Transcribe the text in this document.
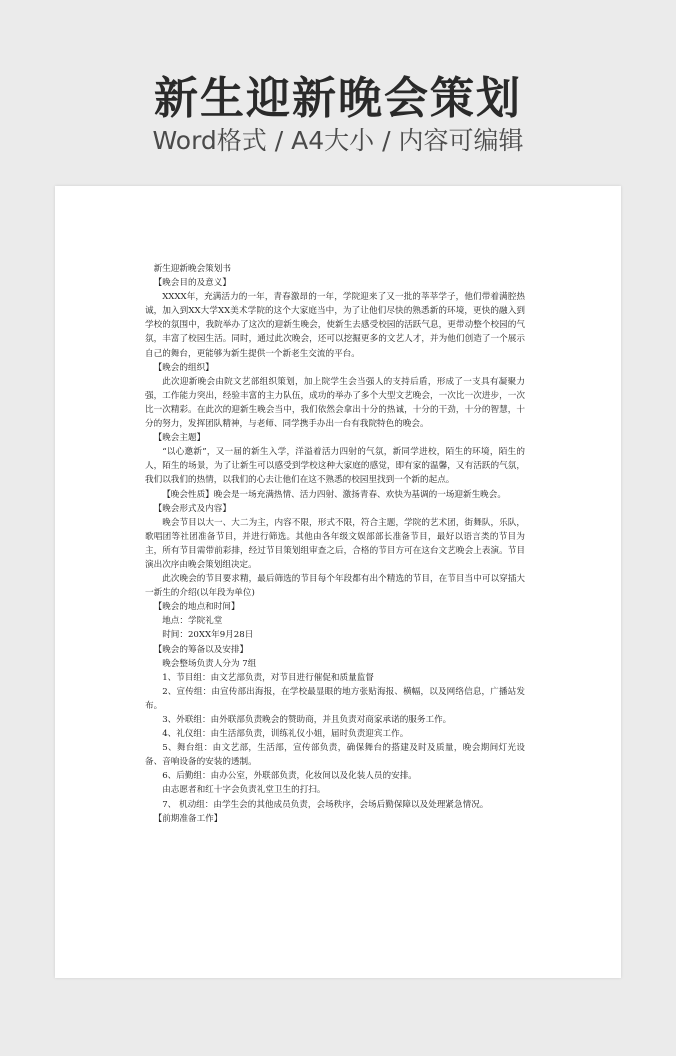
新生迎新晚会策划
Word格式 / A4大小 / 内容可编辑

新生迎新晚会策划书

【晚会目的及意义】

XXXX年，充满活力的一年，青春激昂的一年，学院迎来了又一批的莘莘学子，他们带着满腔热诚，加入到XX大学XX美术学院的这个大家庭当中，为了让他们尽快的熟悉新的环境，更快的融入到学校的氛围中，我院举办了这次的迎新生晚会，使新生去感受校园的活跃气息，更带动整个校园的气氛，丰富了校园生活。同时，通过此次晚会，还可以挖掘更多的文艺人才，并为他们创造了一个展示自己的舞台，更能够为新生提供一个新老生交流的平台。

【晚会的组织】

此次迎新晚会由院文艺部组织策划，加上院学生会当强人的支持后盾，形成了一支具有凝聚力强，工作能力突出，经验丰富的主力队伍，成功的举办了多个大型文艺晚会，一次比一次进步，一次比一次精彩。在此次的迎新生晚会当中，我们依然会拿出十分的热诚，十分的干劲，十分的智慧，十分的努力，发挥团队精神，与老师、同学携手办出一台有我院特色的晚会。

【晚会主题】

“以心邀新”，又一届的新生入学，洋溢着活力四射的气氛，新同学进校，陌生的环境，陌生的人，陌生的场景，为了让新生可以感受到学校这种大家庭的感觉，即有家的温馨，又有活跃的气氛，我们以我们的热情，以我们的心去让他们在这不熟悉的校园里找到一个新的起点。

【晚会性质】晚会是一场充满热情、活力四射、激扬青春、欢快为基调的一场迎新生晚会。

【晚会形式及内容】

晚会节目以大一、大二为主，内容不限，形式不限，符合主题，学院的艺术团，街舞队，乐队，歌唱团等社团准备节目，并进行筛选。其他由各年级文娱部部长准备节目，最好以语言类的节目为主，所有节目需带前彩排，经过节目策划组审查之后，合格的节目方可在这台文艺晚会上表演。节目演出次序由晚会策划组决定。

此次晚会的节目要求精，最后筛选的节目每个年段都有出个精选的节目，在节目当中可以穿插大一新生的介绍(以年段为单位)

【晚会的地点和时间】

地点：学院礼堂

时间：20XX年9月28日

【晚会的筹备以及安排】

晚会整场负责人分为 7组

1、节目组：由文艺部负责，对节目进行催促和质量监督

2、宣传组：由宣传部出海报，在学校最显眼的地方张贴海报、横幅，以及网络信息，广播站发布。

3、外联组：由外联部负责晚会的赞助商，并且负责对商家承诺的服务工作。

4、礼仪组：由生活部负责，训练礼仪小姐，届时负责迎宾工作。

5、舞台组：由文艺部，生活部，宣传部负责，确保舞台的搭建及时及质量，晚会期间灯光设备、音响设备的安装的透制。

6、后勤组：由办公室，外联部负责，化妆间以及化装人员的安排。

由志愿者和红十字会负责礼堂卫生的打扫。

7、 机动组：由学生会的其他成员负责，会场秩序，会场后勤保障以及处理紧急情况。

【前期准备工作】
